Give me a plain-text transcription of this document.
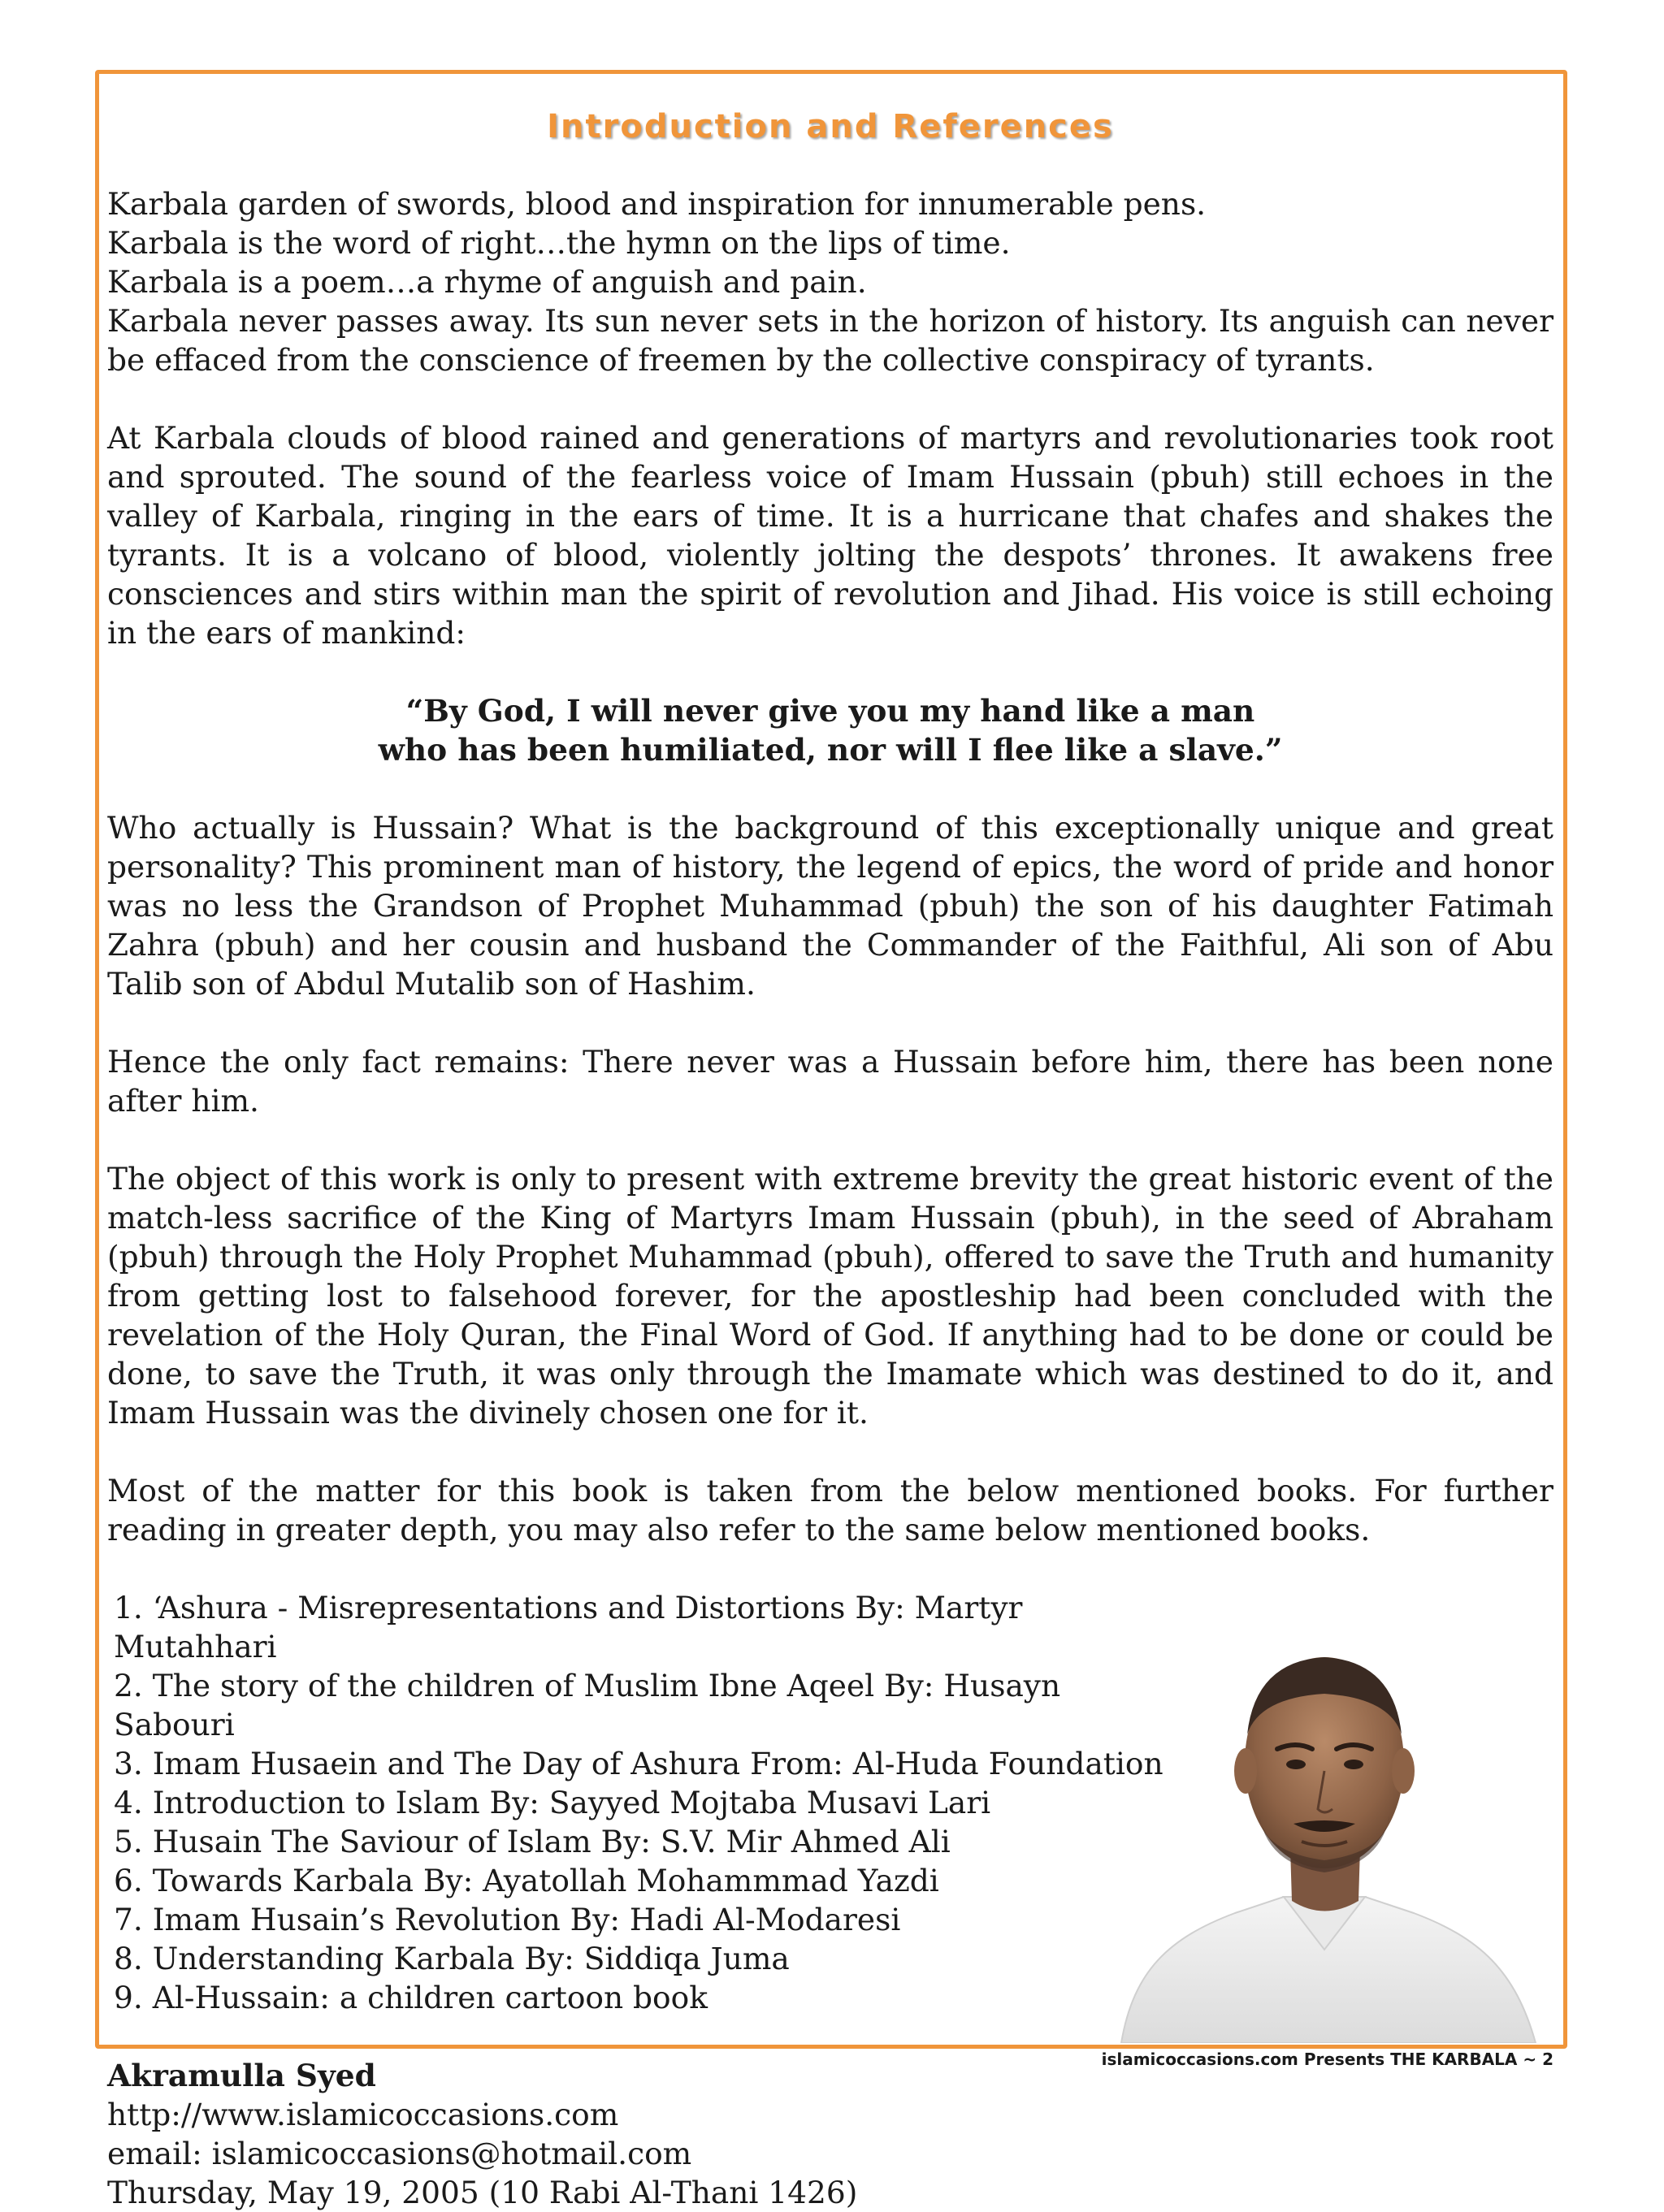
Introduction and References

Karbala garden of swords, blood and inspiration for innumerable pens.

Karbala is the word of right…the hymn on the lips of time.

Karbala is a poem…a rhyme of anguish and pain.

Karbala never passes away. Its sun never sets in the horizon of history. Its anguish can never be effaced from the conscience of freemen by the collective conspiracy of tyrants.

At Karbala clouds of blood rained and generations of martyrs and revolutionaries took root and sprouted. The sound of the fearless voice of Imam Hussain (pbuh) still echoes in the valley of Karbala, ringing in the ears of time. It is a hurricane that chafes and shakes the tyrants. It is a volcano of blood, violently jolting the despots’ thrones. It awakens free consciences and stirs within man the spirit of revolution and Jihad. His voice is still echoing in the ears of mankind:

“By God, I will never give you my hand like a man
who has been humiliated, nor will I flee like a slave.”

Who actually is Hussain? What is the background of this exceptionally unique and great personality? This prominent man of history, the legend of epics, the word of pride and honor was no less the Grandson of Prophet Muhammad (pbuh) the son of his daughter Fatimah Zahra (pbuh) and her cousin and husband the Commander of the Faithful, Ali son of Abu Talib son of Abdul Mutalib son of Hashim.

Hence the only fact remains: There never was a Hussain before him, there has been none after him.

The object of this work is only to present with extreme brevity the great historic event of the match-less sacrifice of the King of Martyrs Imam Hussain (pbuh), in the seed of Abraham (pbuh) through the Holy Prophet Muhammad (pbuh), offered to save the Truth and humanity from getting lost to falsehood forever, for the apostleship had been concluded with the revelation of the Holy Quran, the Final Word of God. If anything had to be done or could be done, to save the Truth, it was only through the Imamate which was destined to do it, and Imam Hussain was the divinely chosen one for it.

Most of the matter for this book is taken from the below mentioned books. For further reading in greater depth, you may also refer to the same below mentioned books.

1. ‘Ashura - Misrepresentations and Distortions By: Martyr Mutahhari
2. The story of the children of Muslim Ibne Aqeel By: Husayn Sabouri
3. Imam Husaein and The Day of Ashura From: Al-Huda Foundation
4. Introduction to Islam By: Sayyed Mojtaba Musavi Lari
5. Husain The Saviour of Islam By: S.V. Mir Ahmed Ali
6. Towards Karbala By: Ayatollah Mohammmad Yazdi
7. Imam Husain’s Revolution By: Hadi Al-Modaresi
8. Understanding Karbala By: Siddiqa Juma
9. Al-Hussain: a children cartoon book
Akramulla Syed
http://www.islamicoccasions.com
email: islamicoccasions@hotmail.com
Thursday, May 19, 2005 (10 Rabi Al-Thani 1426)
islamicoccasions.com Presents THE KARBALA ~ 2
